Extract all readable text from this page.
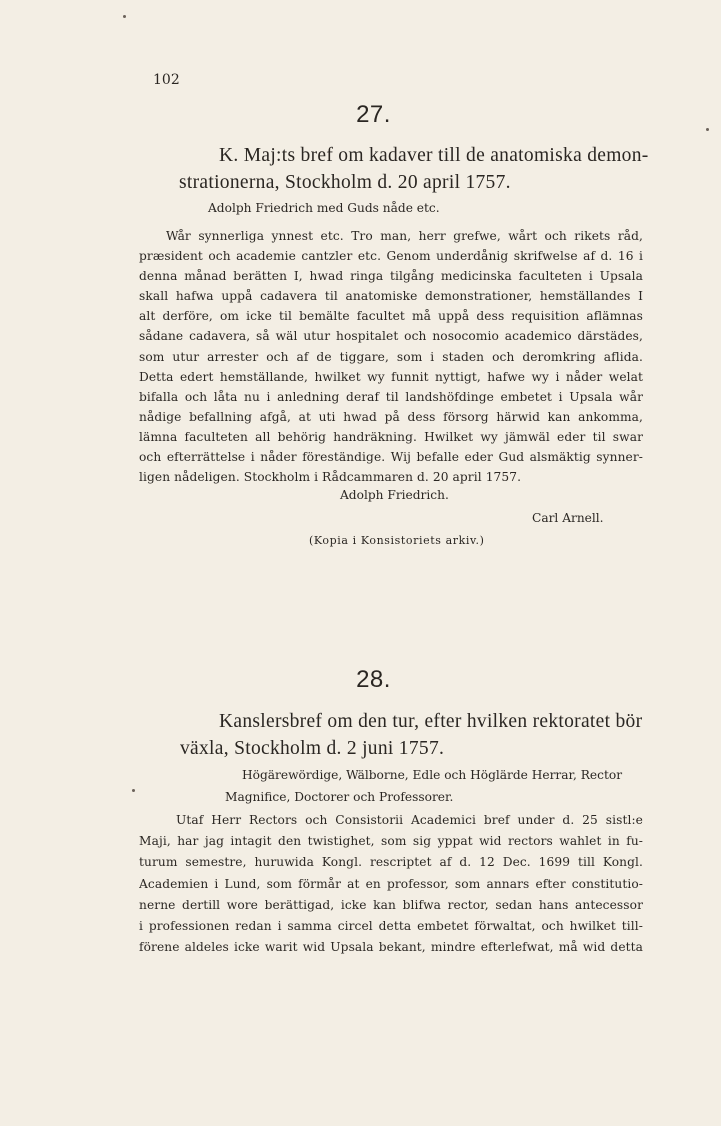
102
27.
K. Maj:ts bref om kadaver till de anatomiska demon-
strationerna, Stockholm d. 20 april 1757.
Adolph Friedrich med Guds nåde etc.
Wår synnerliga ynnest etc. Tro man, herr grefwe, wårt och rikets råd,
præsident och academie cantzler etc. Genom underdånig skrifwelse af d. 16 i
denna månad berätten I, hwad ringa tilgång medicinska faculteten i Upsala
skall hafwa uppå cadavera til anatomiske demonstrationer, hemställandes I
alt derföre, om icke til bemälte facultet må uppå dess requisition aflämnas
sådane cadavera, så wäl utur hospitalet och nosocomio academico därstädes,
som utur arrester och af de tiggare, som i staden och deromkring aflida.
Detta edert hemställande, hwilket wy funnit nyttigt, hafwe wy i nåder welat
bifalla och låta nu i anledning deraf til landshöfdinge embetet i Upsala wår
nådige befallning afgå, at uti hwad på dess försorg härwid kan ankomma,
lämna faculteten all behörig handräkning. Hwilket wy jämwäl eder til swar
och efterrättelse i nåder föreständige. Wij befalle eder Gud alsmäktig synner-
ligen nådeligen. Stockholm i Rådcammaren d. 20 april 1757.
Adolph Friedrich.
Carl Arnell.
(Kopia i Konsistoriets arkiv.)
28.
Kanslersbref om den tur, efter hvilken rektoratet bör
växla, Stockholm d. 2 juni 1757.
Högärewördige, Wälborne, Edle och Höglärde Herrar, Rector
Magnifice, Doctorer och Professorer.
Utaf Herr Rectors och Consistorii Academici bref under d. 25 sistl:e
Maji, har jag intagit den twistighet, som sig yppat wid rectors wahlet in fu-
turum semestre, huruwida Kongl. rescriptet af d. 12 Dec. 1699 till Kongl.
Academien i Lund, som förmår at en professor, som annars efter constitutio-
nerne dertill wore berättigad, icke kan blifwa rector, sedan hans antecessor
i professionen redan i samma circel detta embetet förwaltat, och hwilket till-
förene aldeles icke warit wid Upsala bekant, mindre efterlefwat, må wid detta
